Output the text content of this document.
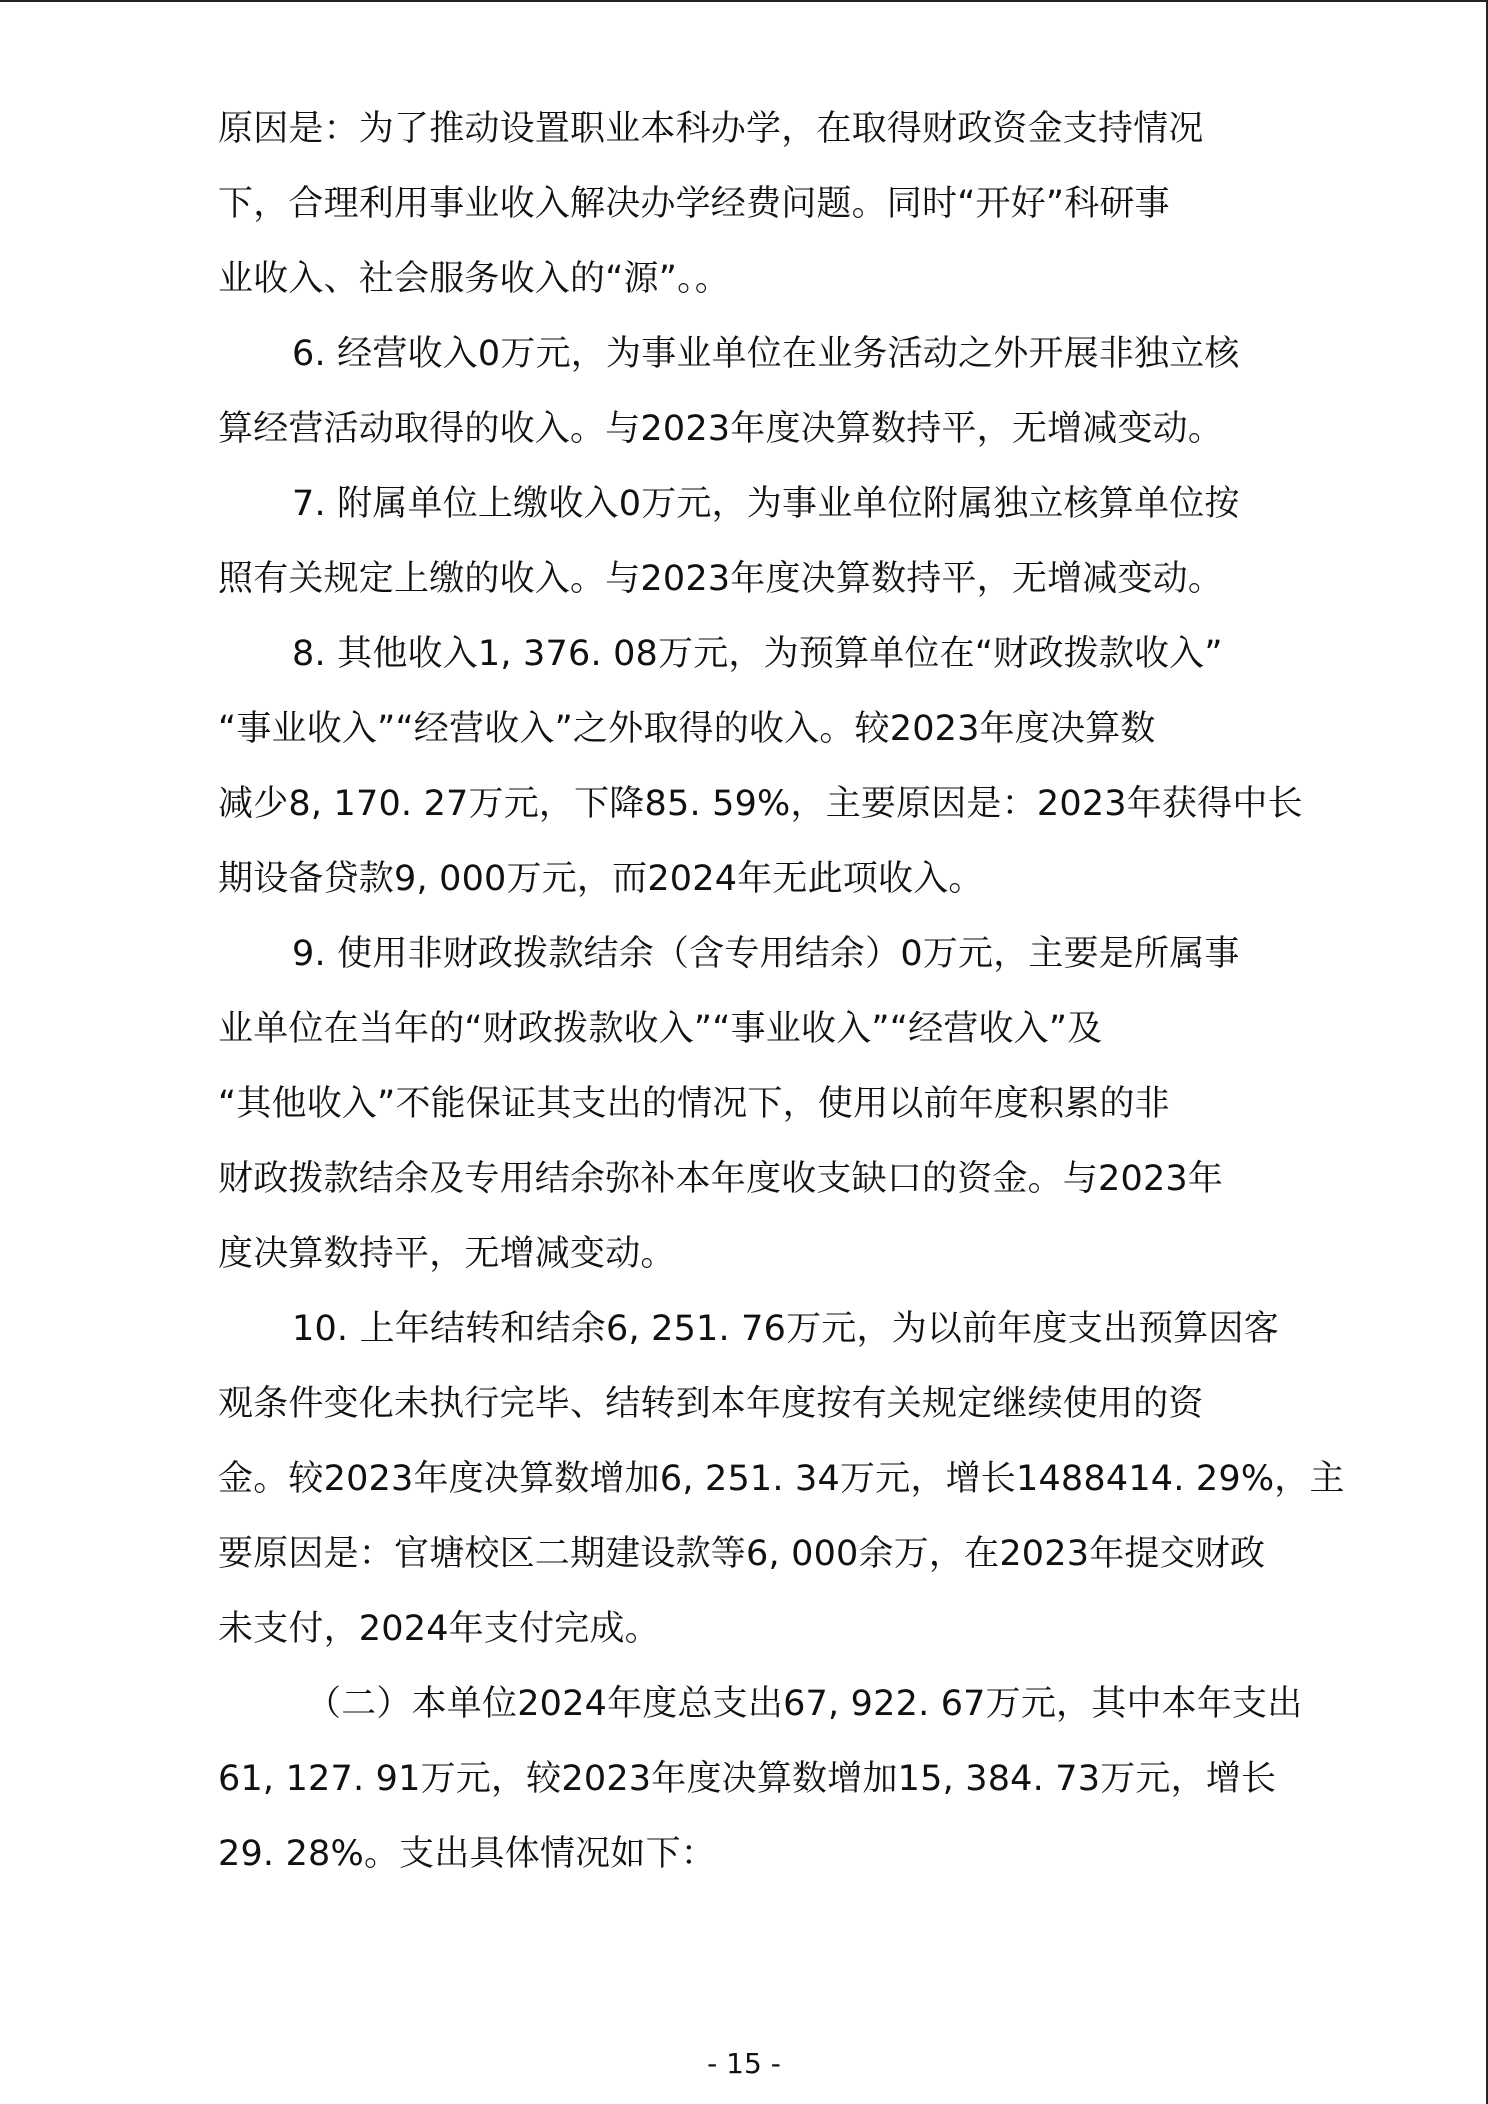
原因是：为了推动设置职业本科办学，在取得财政资金支持情况
下，合理利用事业收入解决办学经费问题。同时“开好”科研事
业收入、社会服务收入的“源”。。

6. 经营收入0万元，为事业单位在业务活动之外开展非独立核
算经营活动取得的收入。与2023年度决算数持平，无增减变动。

7. 附属单位上缴收入0万元，为事业单位附属独立核算单位按
照有关规定上缴的收入。与2023年度决算数持平，无增减变动。

8. 其他收入1, 376. 08万元，为预算单位在“财政拨款收入”
“事业收入”“经营收入”之外取得的收入。较2023年度决算数
减少8, 170. 27万元，下降85. 59%，主要原因是：2023年获得中长
期设备贷款9, 000万元，而2024年无此项收入。

9. 使用非财政拨款结余（含专用结余）0万元，主要是所属事
业单位在当年的“财政拨款收入”“事业收入”“经营收入”及
“其他收入”不能保证其支出的情况下，使用以前年度积累的非
财政拨款结余及专用结余弥补本年度收支缺口的资金。与2023年
度决算数持平，无增减变动。

10. 上年结转和结余6, 251. 76万元，为以前年度支出预算因客
观条件变化未执行完毕、结转到本年度按有关规定继续使用的资
金。较2023年度决算数增加6, 251. 34万元，增长1488414. 29%，主
要原因是：官塘校区二期建设款等6, 000余万，在2023年提交财政
未支付，2024年支付完成。

（二）本单位2024年度总支出67, 922. 67万元，其中本年支出
61, 127. 91万元，较2023年度决算数增加15, 384. 73万元，增长
29. 28%。支出具体情况如下：

- 15 -
